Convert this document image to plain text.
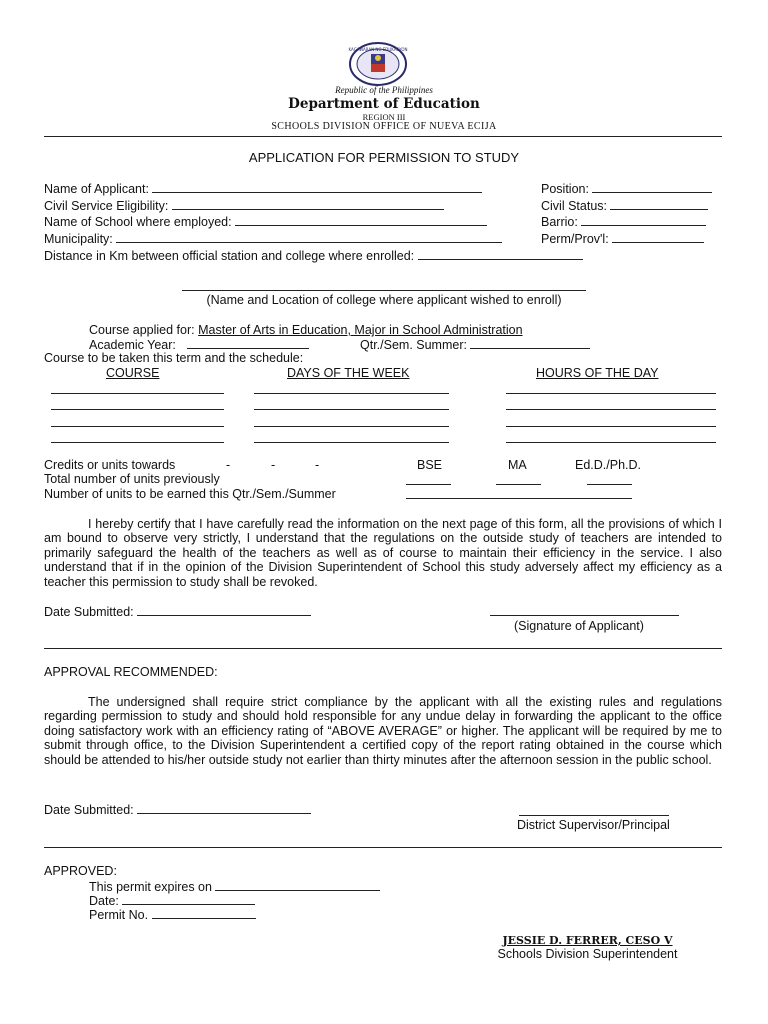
KAGAWARAN NG EDUKASYON
Republic of the Philippines
Department of Education
REGION III
SCHOOLS DIVISION OFFICE OF NUEVA ECIJA
APPLICATION FOR PERMISSION TO STUDY
Name of Applicant:	Position:
Civil Service Eligibility:	Civil Status:
Name of School where employed:	Barrio:
Municipality:	Perm/Prov'l:
Distance in Km between official station and college where enrolled:
(Name and Location of college where applicant wished to enroll)
Course applied for: Master of Arts in Education, Major in School Administration
Academic Year:	Qtr./Sem. Summer:
Course to be taken this term and the schedule:
COURSE	DAYS OF THE WEEK	HOURS OF THE DAY
Credits or units towards	-	-	-	BSE	MA	Ed.D./Ph.D.
Total number of units previously
Number of units to be earned this Qtr./Sem./Summer
I hereby certify that I have carefully read the information on the next page of this form, all the provisions of which I am bound to observe very strictly, I understand that the regulations on the outside study of teachers are intended to primarily safeguard the health of the teachers as well as of course to maintain their efficiency in the service. I also understand that if in the opinion of the Division Superintendent of School this study adversely affect my efficiency as a teacher this permission to study shall be revoked.
Date Submitted:
(Signature of Applicant)
APPROVAL RECOMMENDED:
The undersigned shall require strict compliance by the applicant with all the existing rules and regulations regarding permission to study and should hold responsible for any undue delay in forwarding the applicant to the office doing satisfactory work with an efficiency rating of “ABOVE AVERAGE” or higher. The applicant will be required by me to submit through office, to the Division Superintendent a certified copy of the report rating obtained in the course which should be attended to his/her outside study not earlier than thirty minutes after the afternoon session in the public school.
Date Submitted:
District Supervisor/Principal
APPROVED:
This permit expires on
Date:
Permit No.
JESSIE D. FERRER, CESO V
Schools Division Superintendent
